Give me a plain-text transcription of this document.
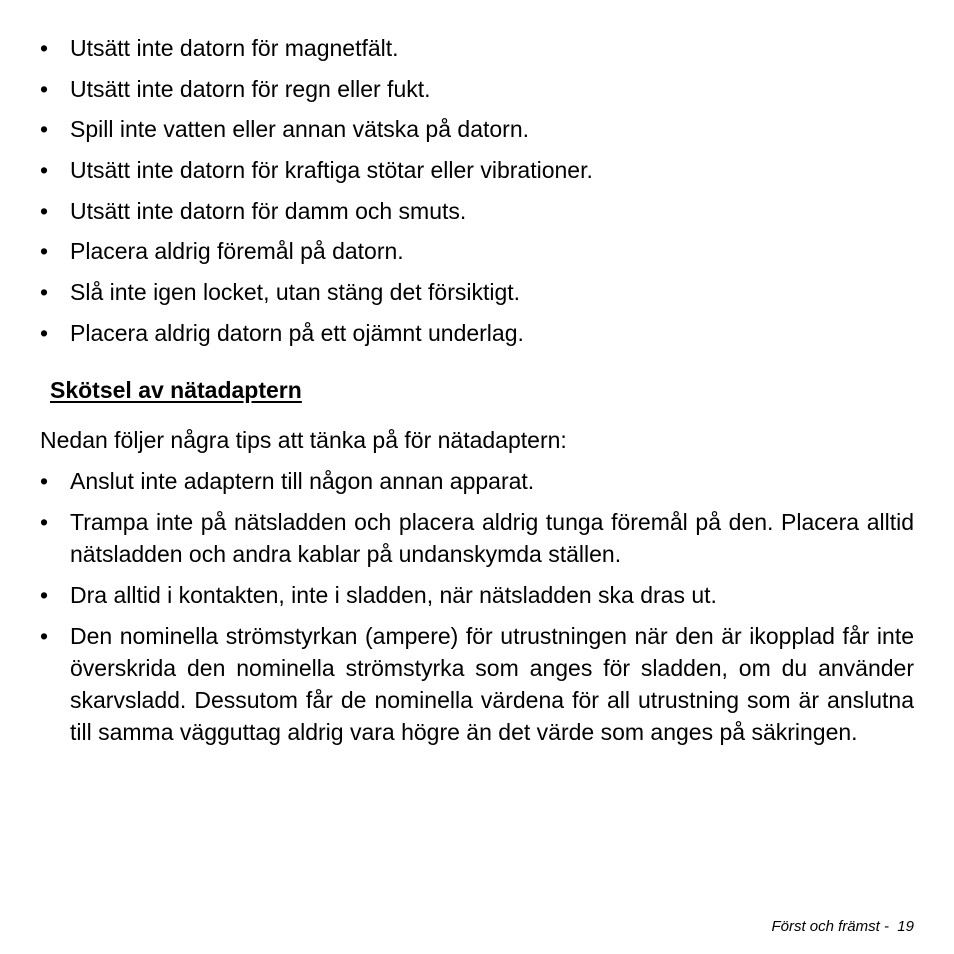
• Utsätt inte datorn för magnetfält.
• Utsätt inte datorn för regn eller fukt.
• Spill inte vatten eller annan vätska på datorn.
• Utsätt inte datorn för kraftiga stötar eller vibrationer.
• Utsätt inte datorn för damm och smuts.
• Placera aldrig föremål på datorn.
• Slå inte igen locket, utan stäng det försiktigt.
• Placera aldrig datorn på ett ojämnt underlag.
Skötsel av nätadaptern

Nedan följer några tips att tänka på för nätadaptern:

• Anslut inte adaptern till någon annan apparat.
• Trampa inte på nätsladden och placera aldrig tunga föremål på den. Placera alltid nätsladden och andra kablar på undanskymda ställen.
• Dra alltid i kontakten, inte i sladden, när nätsladden ska dras ut.
• Den nominella strömstyrkan (ampere) för utrustningen när den är ikopplad får inte överskrida den nominella strömstyrka som anges för sladden, om du använder skarvsladd. Dessutom får de nominella värdena för all utrustning som är anslutna till samma vägguttag aldrig vara högre än det värde som anges på säkringen.
Först och främst -  19
